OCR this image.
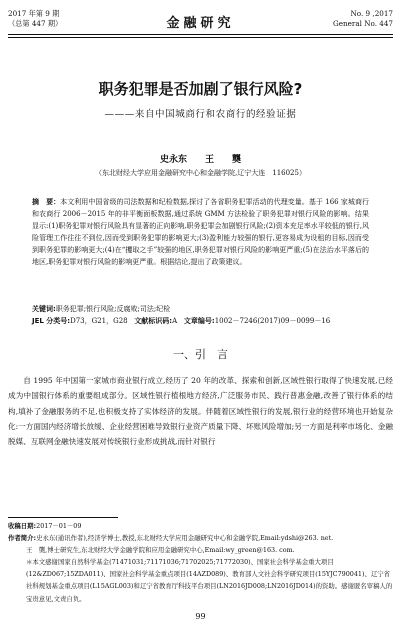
2017 年第 9 期
（总第 447 期）	金融研究
No. 9 ,2017
General No. 447
职务犯罪是否加剧了银行风险?
———来自中国城商行和农商行的经验证据
史永东　　王　　龑
（东北财经大学应用金融研究中心和金融学院,辽宁大连　116025）
摘　要：本文利用中国省级的司法数据和纪检数据,探讨了各省职务犯罪活动的代理变量。基于 166 家城商行和农商行 2006－2015 年的非平衡面板数据,通过系统 GMM 方法检验了职务犯罪对银行风险的影响。结果显示:(1)职务犯罪对银行风险具有显著的正向影响,职务犯罪会加剧银行风险;(2)资本充足率水平较低的银行,风险管理工作往往不到位,因而受到职务犯罪的影响更大;(3)盈利能力较强的银行,更容易成为设租的目标,因而受到职务犯罪的影响更大;(4)在“攫取之手”较强的地区,职务犯罪对银行风险的影响更严重;(5)在法治水平落后的地区,职务犯罪对银行风险的影响更严重。根据结论,提出了政策建议。
关键词:职务犯罪;银行风险;反腐败;司法;纪检
JEL 分类号:D73，G21，G28 文献标识码:A 文章编号:1002－7246(2017)09－0099－16
一、引　言
自 1995 年中国第一家城市商业银行成立,经历了 20 年的改革、探索和创新,区域性银行取得了快速发展,已经成为中国银行体系的重要组成部分。区域性银行植根地方经济,广泛服务市民、践行普惠金融,改善了银行体系的结构,填补了金融服务的不足,也积极支持了实体经济的发展。伴随着区域性银行的发展,银行业的经营环境也开始复杂化:一方面国内经济增长放缓、企业经营困难导致银行业资产质量下降、坏账风险增加;另一方面是利率市场化、金融脱媒、互联网金融快速发展对传统银行业形成挑战,而针对银行
收稿日期:2017－01－09
作者简介:史永东(通讯作者),经济学博士,教授,东北财经大学应用金融研究中心和金融学院,Email:ydshi@263. net.
王　龑,博士研究生,东北财经大学金融学院和应用金融研究中心,Email:wy_green@163. com.
＊本文感谢国家自然科学基金(71471031;71171036;71702025;71772030)、国家社会科学基金重大项目(12&ZD067;15ZDA011)、国家社会科学基金重点项目(14AZD089)、教育部人文社会科学研究项目(15YJC790041)、辽宁省社科规划基金重点项目(L15AGL003)和辽宁省教育厅科技平台项目(LN2016JD008;LN2016JD014)的资助。感谢匿名审稿人的宝贵意见,文责自负。
99
